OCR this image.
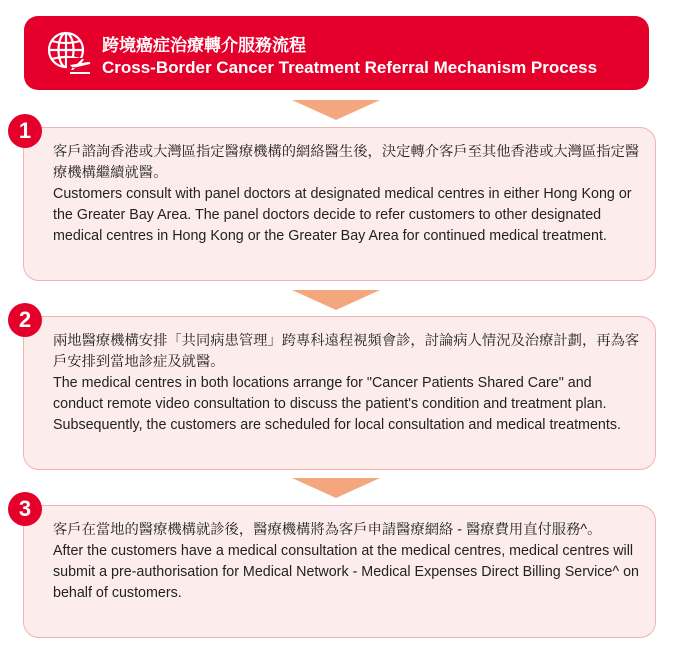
跨境癌症治療轉介服務流程
Cross-Border Cancer Treatment Referral Mechanism Process
1

客戶諮詢香港或大灣區指定醫療機構的網絡醫生後，決定轉介客戶至其他香港或大灣區指定醫療機構繼續就醫。

Customers consult with panel doctors at designated medical centres in either Hong Kong or the Greater Bay Area. The panel doctors decide to refer customers to other designated medical centres in Hong Kong or the Greater Bay Area for continued medical treatment.

2

兩地醫療機構安排「共同病患管理」跨專科遠程視頻會診，討論病人情況及治療計劃，再為客戶安排到當地診症及就醫。

The medical centres in both locations arrange for "Cancer Patients Shared Care" and conduct remote video consultation to discuss the patient's condition and treatment plan. Subsequently, the customers are scheduled for local consultation and medical treatments.

3

客戶在當地的醫療機構就診後，醫療機構將為客戶申請醫療網絡 - 醫療費用直付服務^。

After the customers have a medical consultation at the medical centres, medical centres will submit a pre-authorisation for Medical Network - Medical Expenses Direct Billing Service^ on behalf of customers.
